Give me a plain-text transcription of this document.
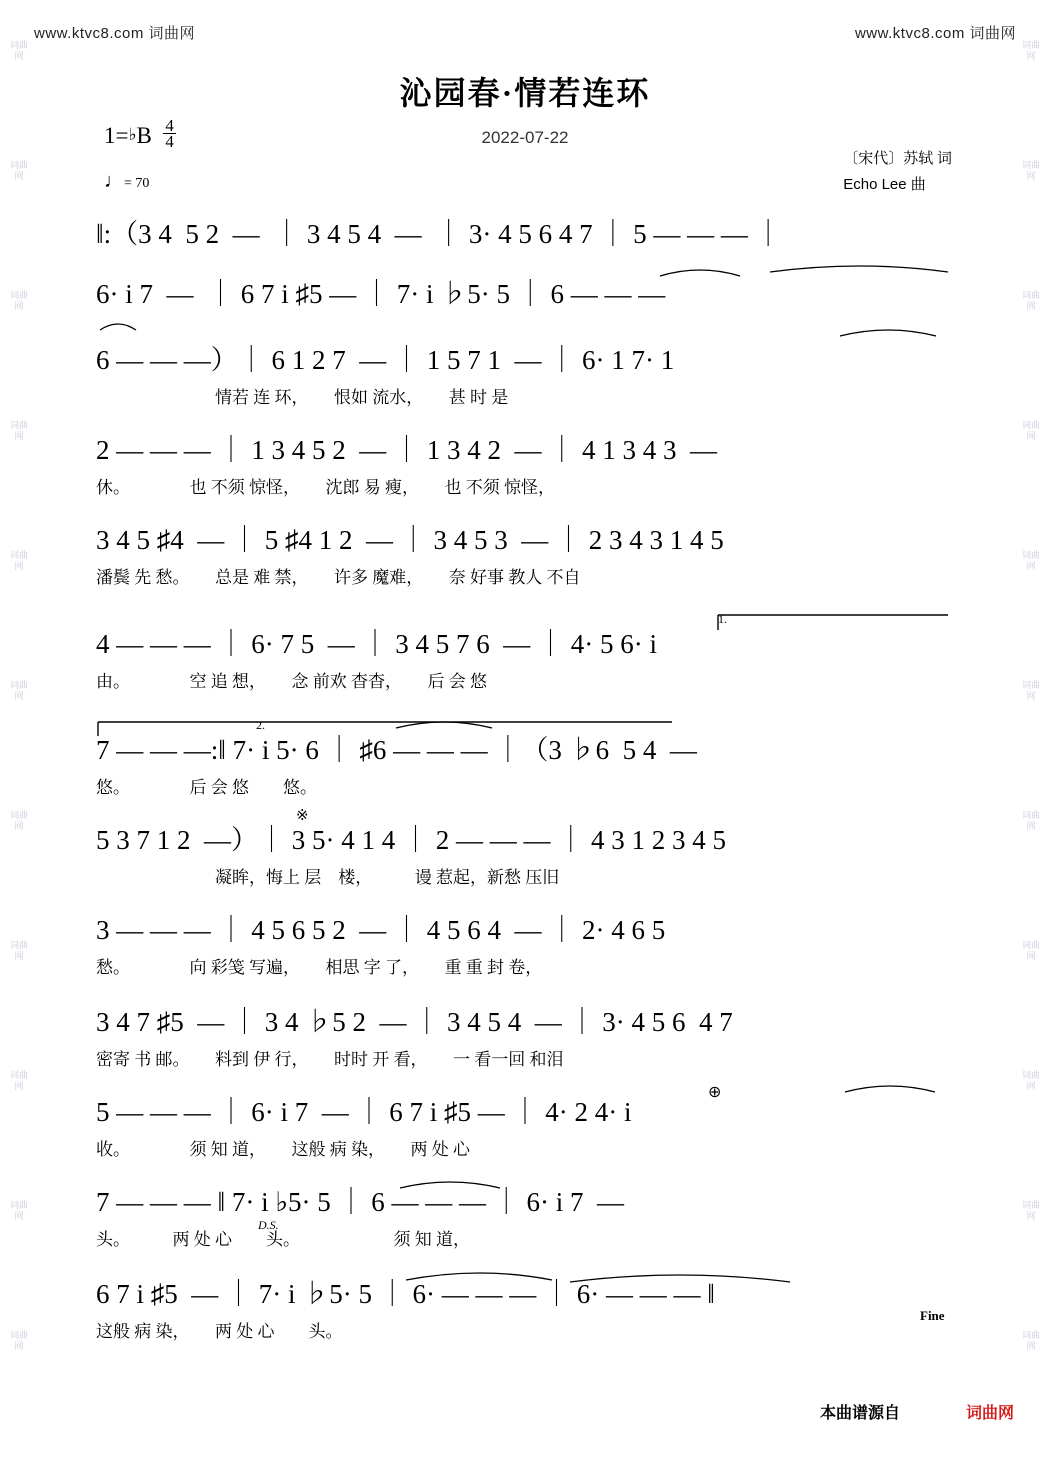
词曲网
词曲网
词曲网
词曲网
词曲网
词曲网
词曲网
词曲网
词曲网
词曲网
词曲网
词曲网
词曲网
词曲网
词曲网
词曲网
词曲网
词曲网
词曲网
词曲网
词曲网
词曲网
www.ktvc8.com 词曲网	www.ktvc8.com 词曲网
沁园春·情若连环
2022-07-22
1=♭B $\frac{4}{4}$
♩= 70
〔宋代〕苏轼 词
Echo Lee 曲
‖:（3 4  5 2  —  ｜ 3 4 5 4  —  ｜ 3· 4 5 6 4 7 ｜ 5 — — — ｜
6· i 7  —  ｜ 6 7 i ♯5 — ｜ 7· i ♭5· 5 ｜ 6 — — —
6 — — —）｜ 6 1 2 7  — ｜ 1 5 7 1  — ｜ 6· 1 7· 1
　　　　　　　情若 连 环，　　恨如 流水，　　甚 时 是
2 — — — ｜ 1 3 4 5 2  — ｜ 1 3 4 2  — ｜ 4 1 3 4 3  —
休。　　　　也 不须 惊怪，　　沈郎 易 瘦，　　也 不须 惊怪，
3 4 5 ♯4  — ｜ 5 ♯4 1 2  — ｜ 3 4 5 3  — ｜ 2 3 4 3 1 4 5
潘鬓 先 愁。　　总是 难 禁，　　许多 魔难，　　奈 好事 教人 不自
4 — — — ｜ 6· 7 5  — ｜ 3 4 5 7 6  — ｜ 4· 5 6· i
由。　　　　空 追 想，　　念 前欢 杳杳，　　后 会 悠
7 — — —:‖ 7· i 5· 6 ｜ ♯6 — — — ｜（3 ♭6  5 4  —
悠。　　　　后 会 悠　　悠。
5 3 7 1 2  —）｜ 3 5· 4 1 4 ｜ 2 — — — ｜ 4 3 1 2 3 4 5
　　　　　　　凝眸，悔上 层　楼，　　　谩 惹起，新愁 压旧
3 — — — ｜ 4 5 6 5 2  — ｜ 4 5 6 4  — ｜ 2· 4 6 5
愁。　　　　向 彩笺 写遍，　　相思 字 了，　　重 重 封 卷，
3 4 7 ♯5  — ｜ 3 4 ♭5 2  — ｜ 3 4 5 4  — ｜ 3· 4 5 6  4 7
密寄 书 邮。　　料到 伊 行，　　时时 开 看，　　一 看一回 和泪
5 — — — ｜ 6· i 7  — ｜ 6 7 i ♯5 — ｜ 4· 2 4· i
收。　　　　须 知 道，　　这般 病 染，　　两 处 心
7 — — — ‖ 7· i ♭5· 5 ｜ 6 — — — ｜ 6· i 7  —
头。　　　两 处 心　　头。　　　　　　须 知 道，
6 7 i ♯5  — ｜ 7· i ♭5· 5 ｜ 6· — — — ｜ 6· — — — ‖
这般 病 染，　　两 处 心　　头。
1.
2.
※
D.S.
⊕
Fine
本曲谱源自	词曲网
